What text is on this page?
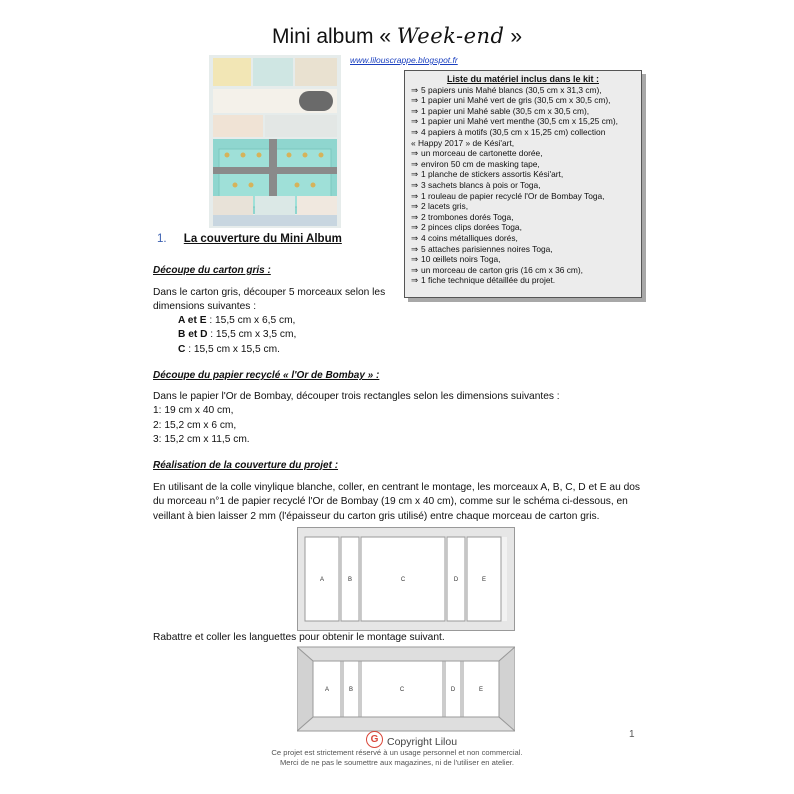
Mini album « Week-end »
www.lilouscrappe.blogspot.fr
Liste du matériel inclus dans le kit :
⇒ 5 papiers unis Mahé blancs (30,5 cm x 31,3 cm),
⇒ 1 papier uni Mahé vert de gris (30,5 cm x 30,5 cm),
⇒ 1 papier uni Mahé sable (30,5 cm x 30,5 cm),
⇒ 1 papier uni Mahé vert menthe (30,5 cm x 15,25 cm),
⇒ 4 papiers à motifs (30,5 cm x 15,25 cm) collection
« Happy 2017 » de Kési'art,
⇒ un morceau de cartonette dorée,
⇒ environ 50 cm de masking tape,
⇒ 1 planche de stickers assortis Kési'art,
⇒ 3 sachets blancs à pois or Toga,
⇒ 1 rouleau de papier recyclé l'Or de Bombay Toga,
⇒ 2 lacets gris,
⇒ 2 trombones dorés Toga,
⇒ 2 pinces clips dorées Toga,
⇒ 4 coins métalliques dorés,
⇒ 5 attaches parisiennes noires Toga,
⇒ 10 œillets noirs Toga,
⇒ un morceau de carton gris (16 cm x 36 cm),
⇒ 1 fiche technique détaillée du projet.
1. La couverture du Mini Album
Découpe du carton gris :
Dans le carton gris, découper 5 morceaux selon les
dimensions suivantes :
A et E : 15,5 cm x 6,5 cm,
B et D : 15,5 cm x 3,5 cm,
C : 15,5 cm x 15,5 cm.
Découpe du papier recyclé « l'Or de Bombay » :
Dans le papier l'Or de Bombay, découper trois rectangles selon les dimensions suivantes :
1: 19 cm x 40 cm,
2: 15,2 cm x 6 cm,
3: 15,2 cm x 11,5 cm.
Réalisation de la couverture du projet :
En utilisant de la colle vinylique blanche, coller, en centrant le montage, les morceaux A, B, C, D et E au dos
du morceau n°1 de papier recyclé l'Or de Bombay (19 cm x 40 cm), comme sur le schéma ci-dessous, en
veillant à bien laisser 2 mm (l'épaisseur du carton gris utilisé) entre chaque morceau de carton gris.
A	B	C	D	E
Rabattre et coller les languettes pour obtenir le montage suivant.
A	B	C	D	E
1
G Copyright Lilou
Ce projet est strictement réservé à un usage personnel et non commercial.
Merci de ne pas le soumettre aux magazines, ni de l'utiliser en atelier.
